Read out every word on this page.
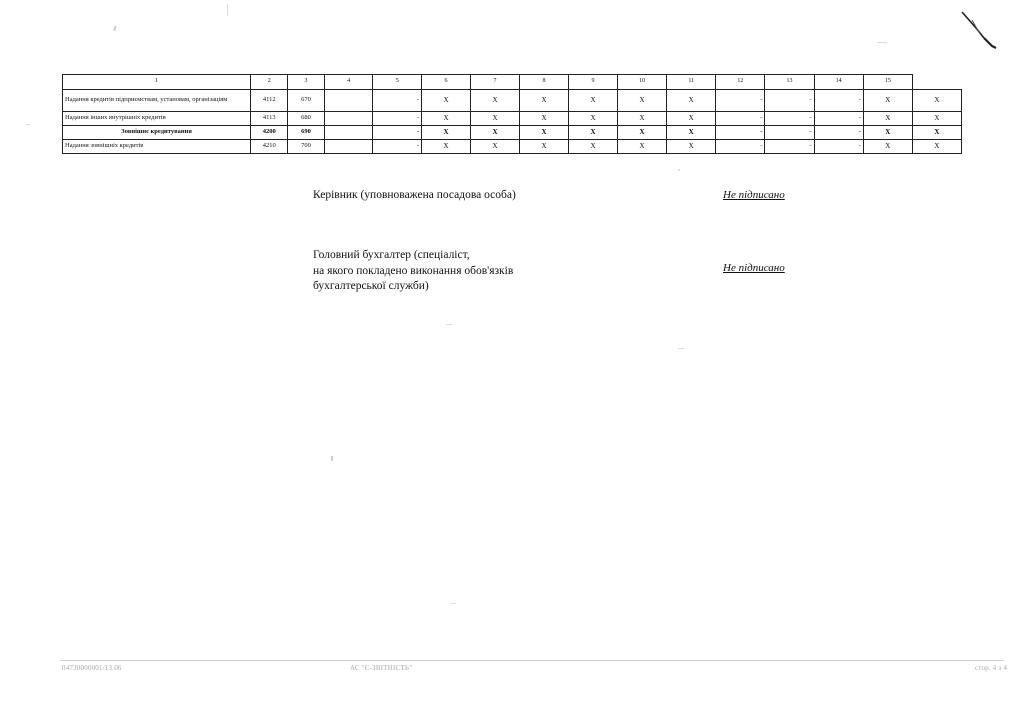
1	2	3	4	5	6	7	8	9	10	11	12	13	14	15	
Надання кредитів підприємствам, установам, організаціям	4112	670		-	X	X	X	X	X	X	-	-	-	X	X
Надання інших внутрішніх кредитів	4113	680		-	X	X	X	X	X	X	-	-	-	X	X
Зовнішнє кредитування	4200	690		-	X	X	X	X	X	X	-	-	-	X	X
Надання зовнішніх кредитів	4210	700		-	X	X	X	X	X	X	-	-	-	X	X
Керівник (уповноважена посадова особа)	Не підписано
Головний бухгалтер (спеціаліст,
на якого покладено виконання обов'язків
бухгалтерської служби)
Не підписано
04730000001/13.06	АС "Є-ЗВІТНІСТЬ"	стор. 4 з 4
